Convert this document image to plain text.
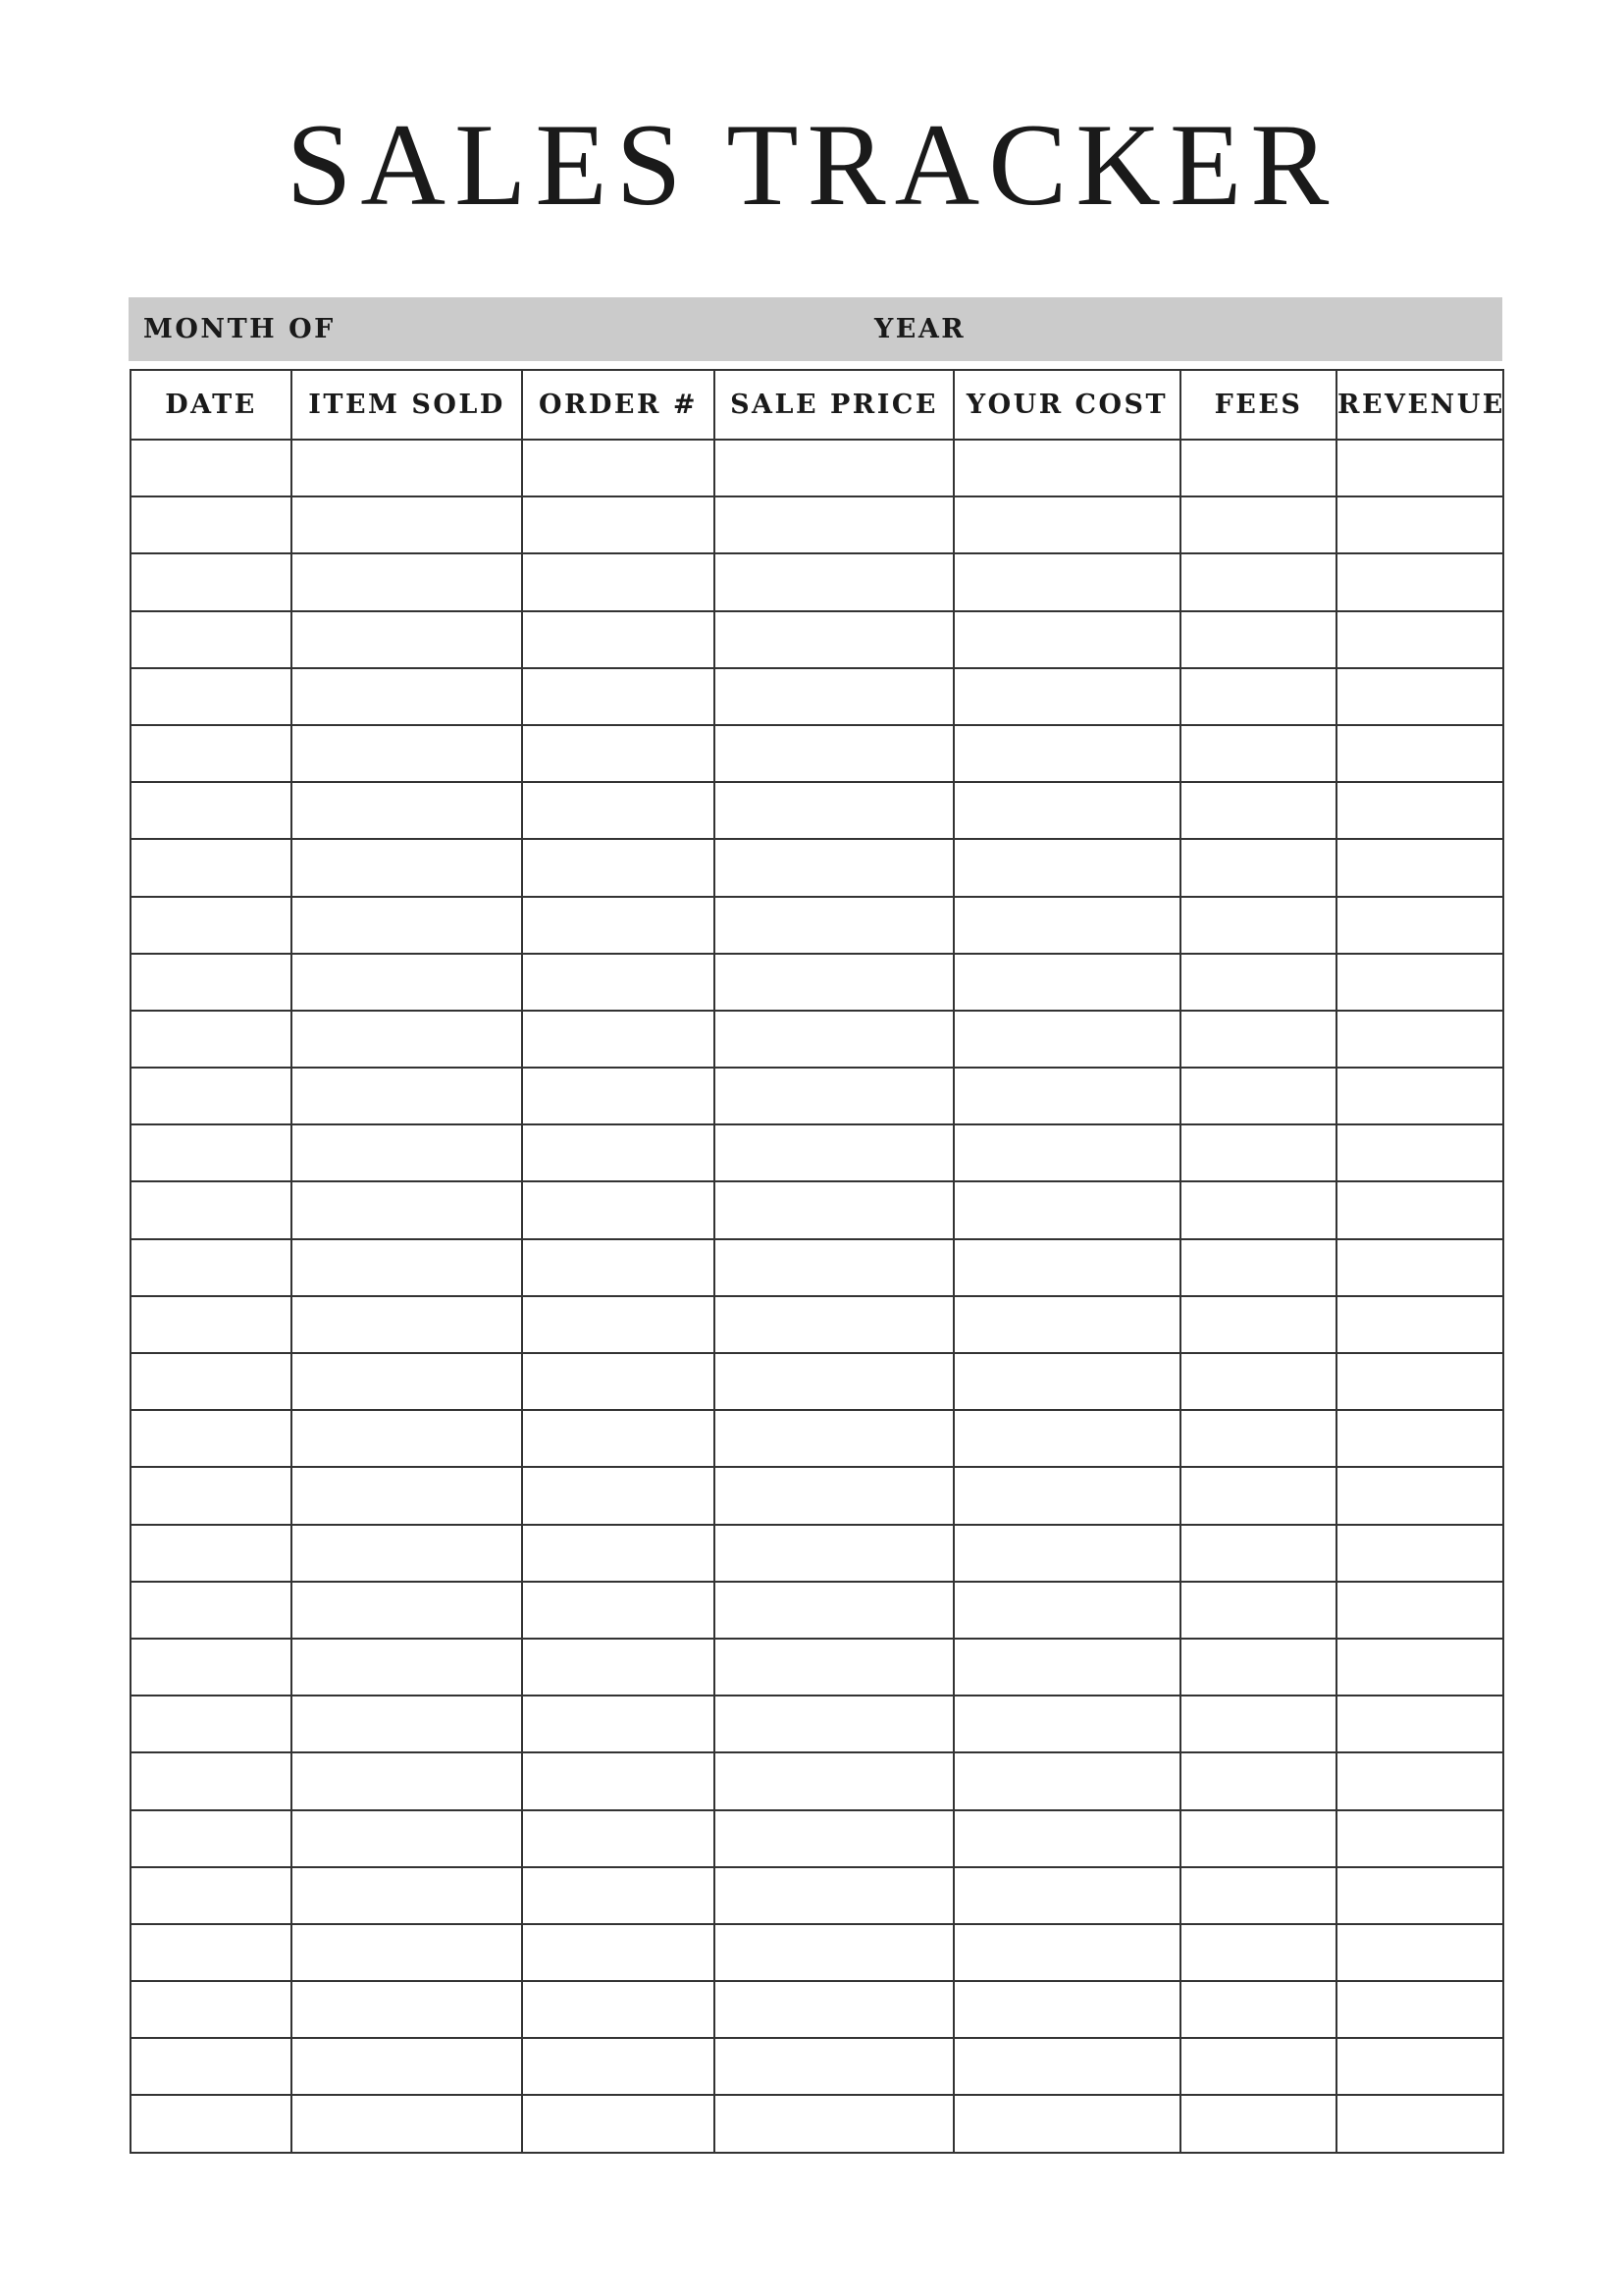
SALES TRACKER
MONTH OF	YEAR
DATE	ITEM SOLD	ORDER #	SALE PRICE	YOUR COST	FEES	REVENUE
